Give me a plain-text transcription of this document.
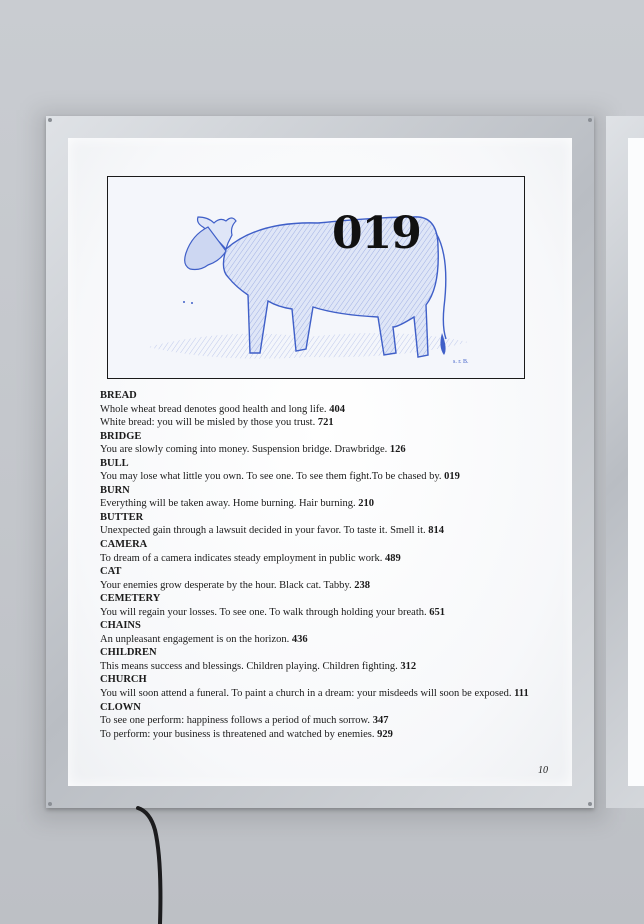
s. r. B.
019
BREAD
Whole wheat bread denotes good health and long life. 404
White bread: you will be misled by those you trust. 721
BRIDGE
You are slowly coming into money. Suspension bridge. Drawbridge. 126
BULL
You may lose what little you own. To see one. To see them fight.To be chased by. 019
BURN
Everything will be taken away. Home burning. Hair burning. 210
BUTTER
Unexpected gain through a lawsuit decided in your favor. To taste it. Smell it. 814
CAMERA
To dream of a camera indicates steady employment in public work. 489
CAT
Your enemies grow desperate by the hour. Black cat. Tabby. 238
CEMETERY
You will regain your losses. To see one. To walk through holding your breath. 651
CHAINS
An unpleasant engagement is on the horizon. 436
CHILDREN
This means success and blessings. Children playing. Children fighting. 312
CHURCH
You will soon attend a funeral. To paint a church in a dream: your misdeeds will soon be exposed. 111
CLOWN
To see one perform: happiness follows a period of much sorrow. 347
To perform: your business is threatened and watched by enemies. 929
10
